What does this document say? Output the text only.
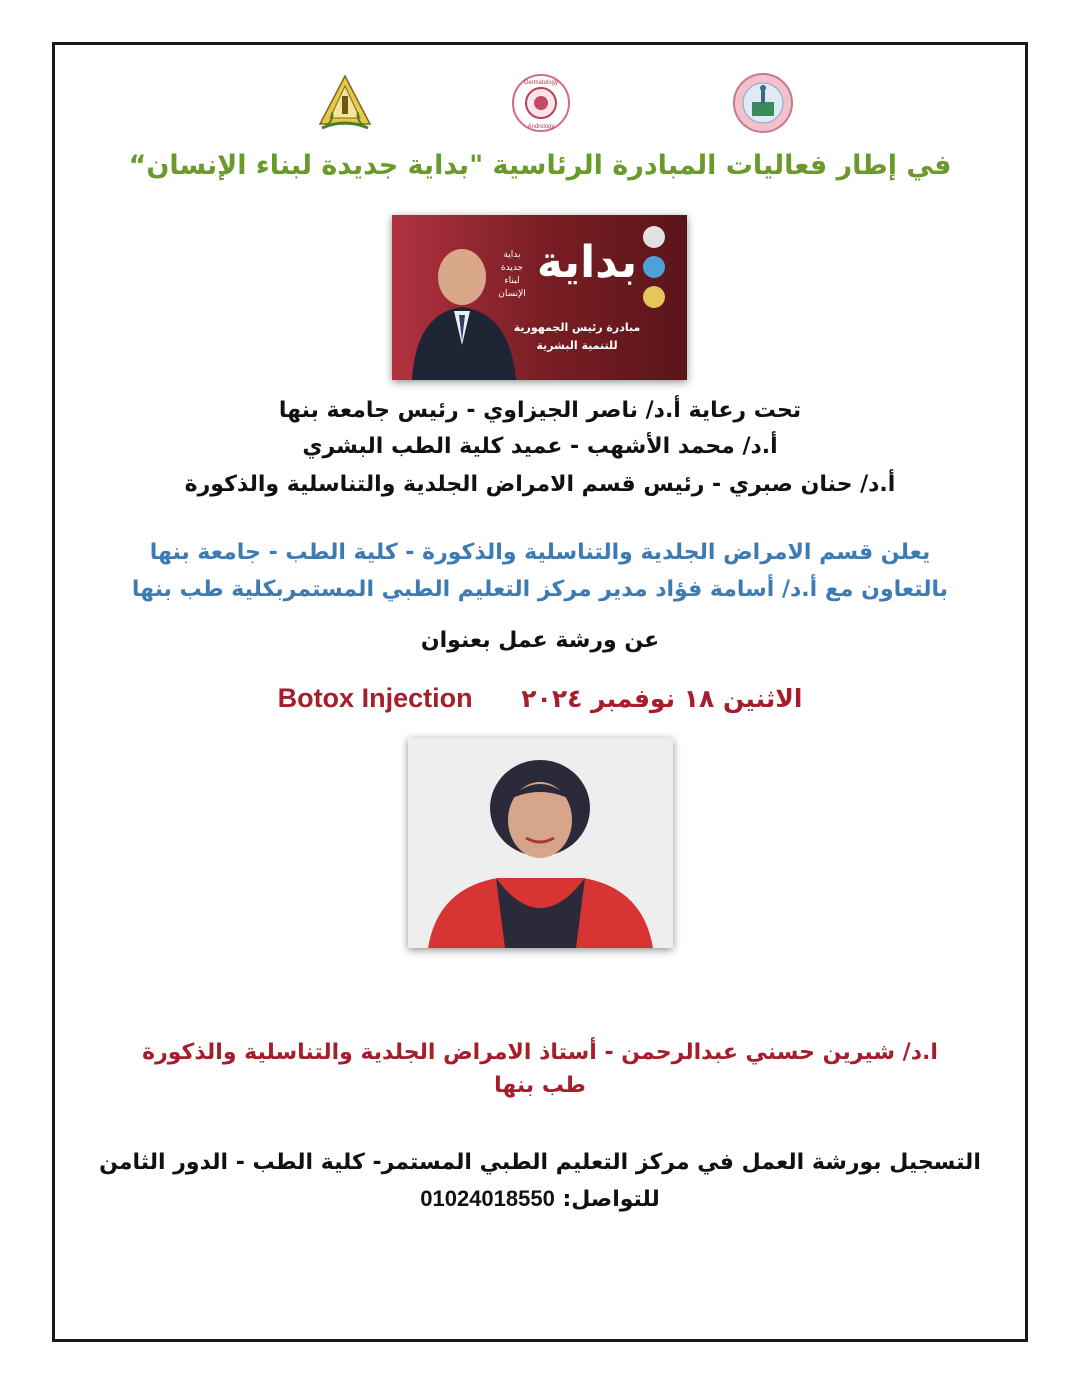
Dermatology
Andrology
في إطار فعاليات المبادرة الرئاسية "بداية جديدة لبناء الإنسان“
بداية
بداية
جديدة
لبناء
الإنسان
مبادرة رئيس الجمهورية
للتنمية البشرية
تحت رعاية أ.د/ ناصر الجيزاوي - رئيس جامعة بنها
أ.د/ محمد الأشهب - عميد كلية الطب البشري
أ.د/ حنان صبري - رئيس قسم الامراض الجلدية والتناسلية والذكورة
يعلن قسم الامراض الجلدية والتناسلية والذكورة - كلية الطب - جامعة بنها
بالتعاون مع أ.د/ أسامة فؤاد مدير مركز التعليم الطبي المستمربكلية طب بنها
عن ورشة عمل بعنوان
الاثنين ١٨ نوفمبر ٢٠٢٤ Botox Injection
ا.د/ شيرين حسني عبدالرحمن - أستاذ الامراض الجلدية والتناسلية والذكورة
طب بنها
التسجيل بورشة العمل في مركز التعليم الطبي المستمر- كلية الطب - الدور الثامن
للتواصل: 01024018550
